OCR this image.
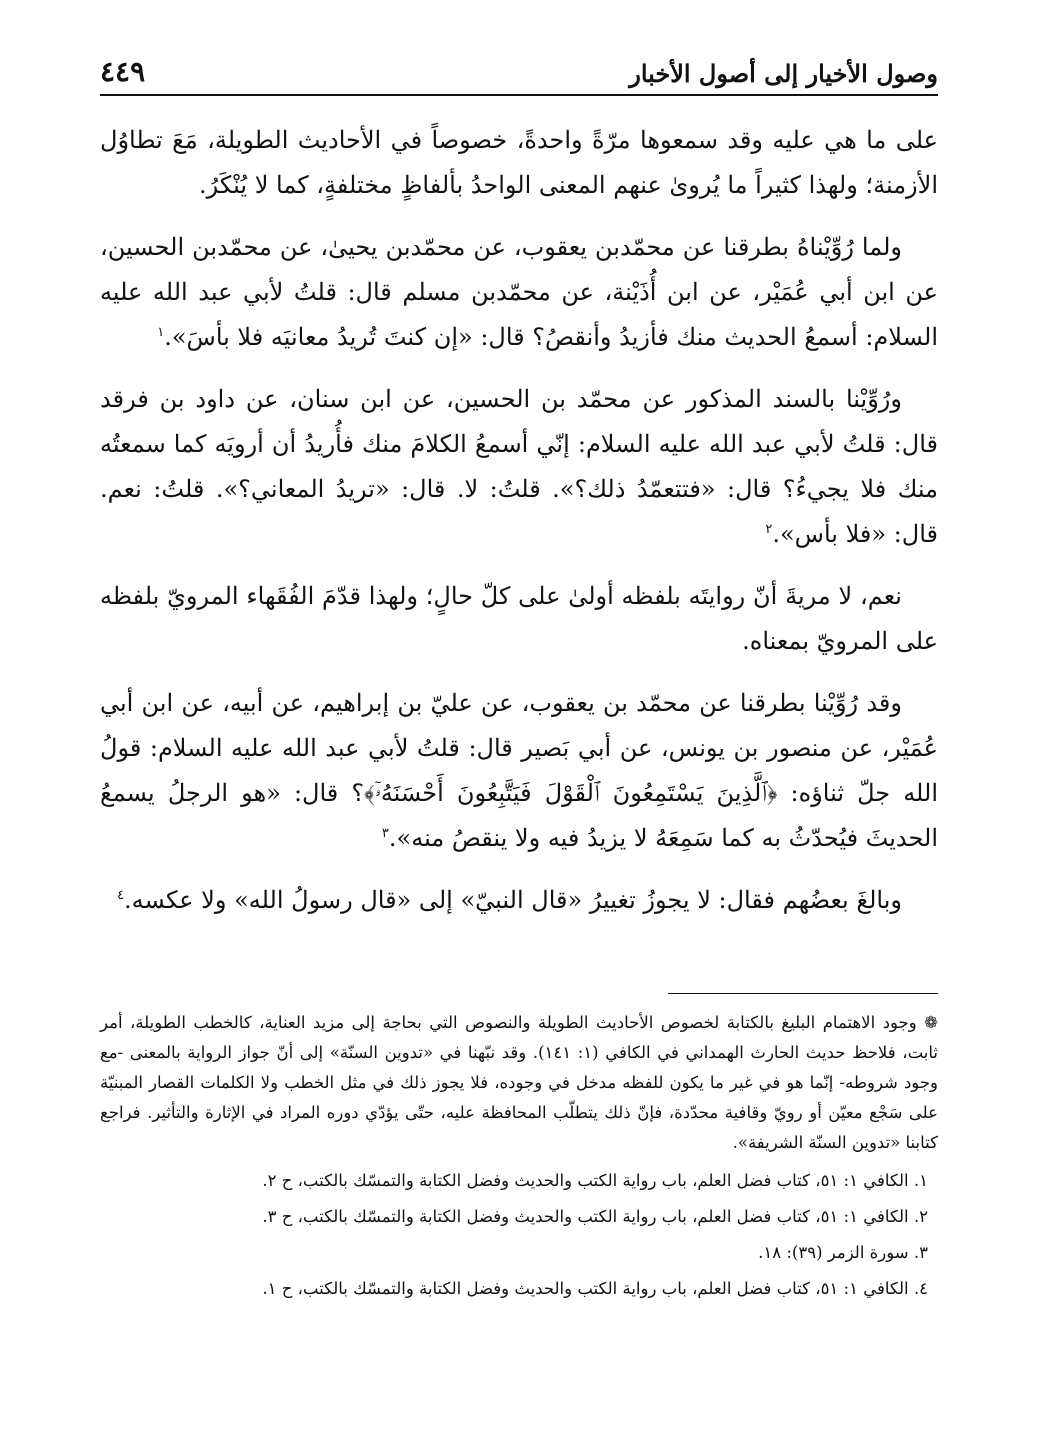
وصول الأخيار إلى أصول الأخبار
٤٤٩

على ما هي عليه وقد سمعوها مرّةً واحدةً، خصوصاً في الأحاديث الطويلة، مَعَ تطاوُل الأزمنة؛ ولهذا كثيراً ما يُروىٰ عنهم المعنى الواحدُ بألفاظٍ مختلفةٍ، كما لا يُنْكَرُ.

ولما رُوِّيْناهُ بطرقنا عن محمّدبن يعقوب، عن محمّدبن يحيىٰ، عن محمّدبن الحسين، عن ابن أبي عُمَيْر، عن ابن أُذَيْنة، عن محمّدبن مسلم قال: قلتُ لأبي عبد الله عليه السلام: أسمعُ الحديث منك فأزيدُ وأنقصُ؟ قال: «إن كنتَ تُريدُ معانيَه فلا بأسَ».$^١$

ورُوِّيْنا بالسند المذكور عن محمّد بن الحسين، عن ابن سنان، عن داود بن فرقد قال: قلتُ لأبي عبد الله عليه السلام: إنّي أسمعُ الكلامَ منك فأُريدُ أن أرويَه كما سمعتُه منك فلا يجيءُ؟ قال: «فتتعمّدُ ذلك؟». قلتُ: لا. قال: «تريدُ المعاني؟». قلتُ: نعم. قال: «فلا بأس».$^٢$

نعم، لا مريةَ أنّ روايتَه بلفظه أولىٰ على كلّ حالٍ؛ ولهذا قدّمَ الفُقَهاء المرويّ بلفظه على المرويّ بمعناه.

وقد رُوِّيْنا بطرقنا عن محمّد بن يعقوب، عن عليّ بن إبراهيم، عن أبيه، عن ابن أبي عُمَيْر، عن منصور بن يونس، عن أبي بَصير قال: قلتُ لأبي عبد الله عليه السلام: قولُ الله جلّ ثناؤه: ﴿ٱلَّذِينَ يَسْتَمِعُونَ ٱلْقَوْلَ فَيَتَّبِعُونَ أَحْسَنَهُۥٓ﴾؟ قال: «هو الرجلُ يسمعُ الحديثَ فيُحدّثُ به كما سَمِعَهُ لا يزيدُ فيه ولا ينقصُ منه».$^٣$

وبالغَ بعضُهم فقال: لا يجوزُ تغييرُ «قال النبيّ» إلى «قال رسولُ الله» ولا عكسه.$^٤$

❁ وجود الاهتمام البليغ بالكتابة لخصوص الأحاديث الطويلة والنصوص التي بحاجة إلى مزيد العناية، كالخطب الطويلة، أمر ثابت، فلاحظ حديث الحارث الهمداني في الكافي (١: ١٤١). وقد نبّهنا في «تدوين السنّة» إلى أنّ جواز الرواية بالمعنى -مع وجود شروطه- إنّما هو في غير ما يكون للفظه مدخل في وجوده، فلا يجوز ذلك في مثل الخطب ولا الكلمات القصار المبنيّة على سَجْع معيّن أو رويّ وقافية محدّدة، فإنّ ذلك يتطلّب المحافظة عليه، حتّى يؤدّي دوره المراد في الإثارة والتأثير. فراجع كتابنا «تدوين السنّة الشريفة».

١. الكافي ١: ٥١، كتاب فضل العلم، باب رواية الكتب والحديث وفضل الكتابة والتمسّك بالكتب، ح ٢.

٢. الكافي ١: ٥١، كتاب فضل العلم، باب رواية الكتب والحديث وفضل الكتابة والتمسّك بالكتب، ح ٣.

٣. سورة الزمر (٣٩): ١٨.

٤. الكافي ١: ٥١، كتاب فضل العلم، باب رواية الكتب والحديث وفضل الكتابة والتمسّك بالكتب، ح ١.
